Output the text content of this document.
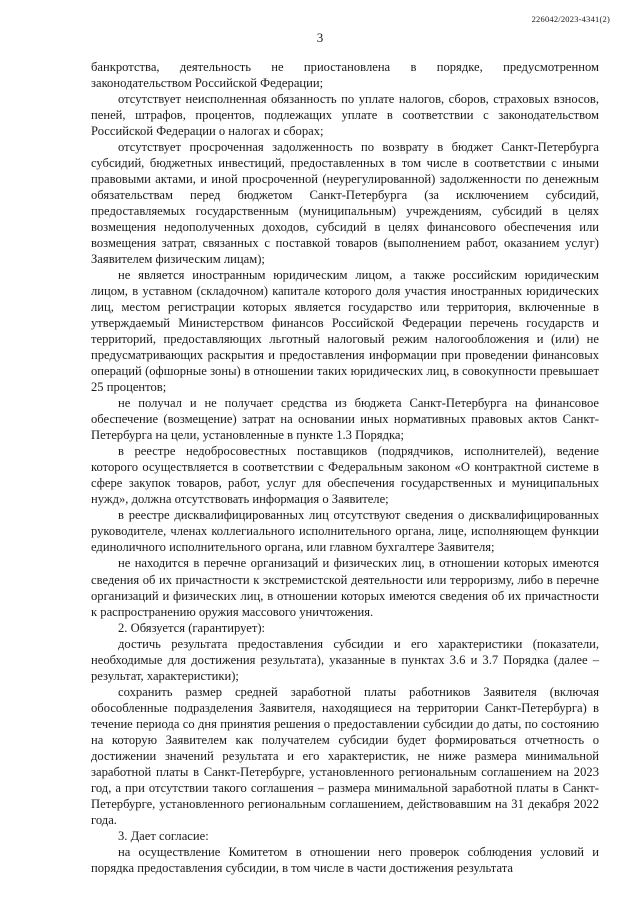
226042/2023-4341(2)
3

банкротства, деятельность не приостановлена в порядке, предусмотренном законодательством Российской Федерации;

отсутствует неисполненная обязанность по уплате налогов, сборов, страховых взносов, пеней, штрафов, процентов, подлежащих уплате в соответствии с законодательством Российской Федерации о налогах и сборах;

отсутствует просроченная задолженность по возврату в бюджет Санкт-Петербурга субсидий, бюджетных инвестиций, предоставленных в том числе в соответствии с иными правовыми актами, и иной просроченной (неурегулированной) задолженности по денежным обязательствам перед бюджетом Санкт-Петербурга (за исключением субсидий, предоставляемых государственным (муниципальным) учреждениям, субсидий в целях возмещения недополученных доходов, субсидий в целях финансового обеспечения или возмещения затрат, связанных с поставкой товаров (выполнением работ, оказанием услуг) Заявителем физическим лицам);

не является иностранным юридическим лицом, а также российским юридическим лицом, в уставном (складочном) капитале которого доля участия иностранных юридических лиц, местом регистрации которых является государство или территория, включенные в утверждаемый Министерством финансов Российской Федерации перечень государств и территорий, предоставляющих льготный налоговый режим налогообложения и (или) не предусматривающих раскрытия и предоставления информации при проведении финансовых операций (офшорные зоны) в отношении таких юридических лиц, в совокупности превышает 25 процентов;

не получал и не получает средства из бюджета Санкт-Петербурга на финансовое обеспечение (возмещение) затрат на основании иных нормативных правовых актов Санкт-Петербурга на цели, установленные в пункте 1.3 Порядка;

в реестре недобросовестных поставщиков (подрядчиков, исполнителей), ведение которого осуществляется в соответствии с Федеральным законом «О контрактной системе в сфере закупок товаров, работ, услуг для обеспечения государственных и муниципальных нужд», должна отсутствовать информация о Заявителе;

в реестре дисквалифицированных лиц отсутствуют сведения о дисквалифицированных руководителе, членах коллегиального исполнительного органа, лице, исполняющем функции единоличного исполнительного органа, или главном бухгалтере Заявителя;

не находится в перечне организаций и физических лиц, в отношении которых имеются сведения об их причастности к экстремистской деятельности или терроризму, либо в перечне организаций и физических лиц, в отношении которых имеются сведения об их причастности к распространению оружия массового уничтожения.

2. Обязуется (гарантирует):

достичь результата предоставления субсидии и его характеристики (показатели, необходимые для достижения результата), указанные в пунктах 3.6 и 3.7 Порядка (далее – результат, характеристики);

сохранить размер средней заработной платы работников Заявителя (включая обособленные подразделения Заявителя, находящиеся на территории Санкт-Петербурга) в течение периода со дня принятия решения о предоставлении субсидии до даты, по состоянию на которую Заявителем как получателем субсидии будет формироваться отчетность о достижении значений результата и его характеристик, не ниже размера минимальной заработной платы в Санкт-Петербурге, установленного региональным соглашением на 2023 год, а при отсутствии такого соглашения – размера минимальной заработной платы в Санкт-Петербурге, установленного региональным соглашением, действовавшим на 31 декабря 2022 года.

3. Дает согласие:

на осуществление Комитетом в отношении него проверок соблюдения условий и порядка предоставления субсидии, в том числе в части достижения результата
